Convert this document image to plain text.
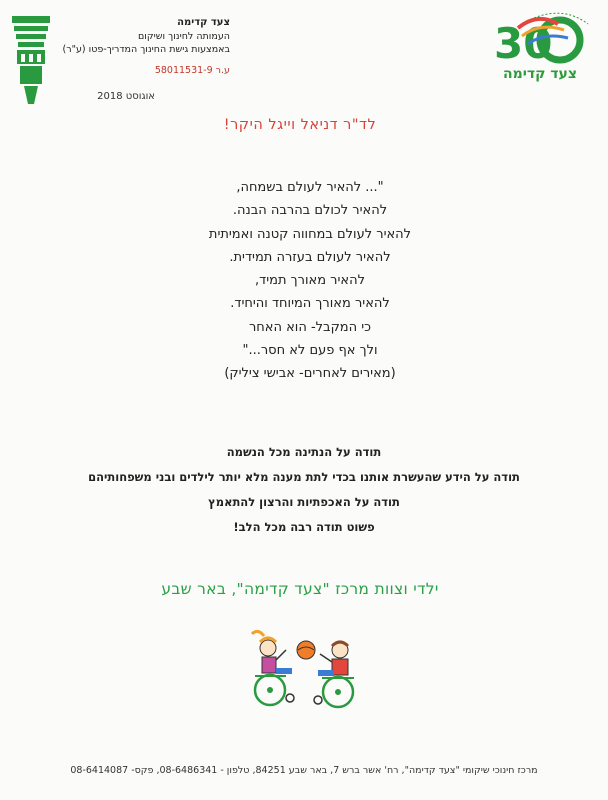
צעד קדימה
העמותה לחינוך ושיקום
באמצעות גישת החינוך המדריך-פטו (ע"ר)
ע.ר 58011531-9
אוגוסט 2018
30
צעד קדימה
לד"ר דניאל וייגל היקר!
"... להאיר לעולם בשמחה,
להאיר לכולם בהרבה הבנה.
להאיר לעולם במחווה קטנה ואמיתית
להאיר לעולם בעזרה תמידית.
להאיר מאורך תמיד,
להאיר מאורך המיוחד והיחיד.
כי המקבל- הוא האחר
ולך אף פעם לא חסר..."
(מאירים לאחרים- אבישי ציליק)
תודה על הנתינה מכל הנשמה
תודה על הידע שהעשרת אותנו בכדי לתת מענה מלא יותר לילדים ובני משפחותיהם
תודה על האכפתיות והרצון להתאמץ
פשוט תודה רבה מכל הלב!
ילדי וצוות מרכז "צעד קדימה", באר שבע
מרכז חינוכי שיקומי "צעד קדימה", רח' אשר ברש 7, באר שבע 84251, טלפון - 08-6486341, פקס- 08-6414087
